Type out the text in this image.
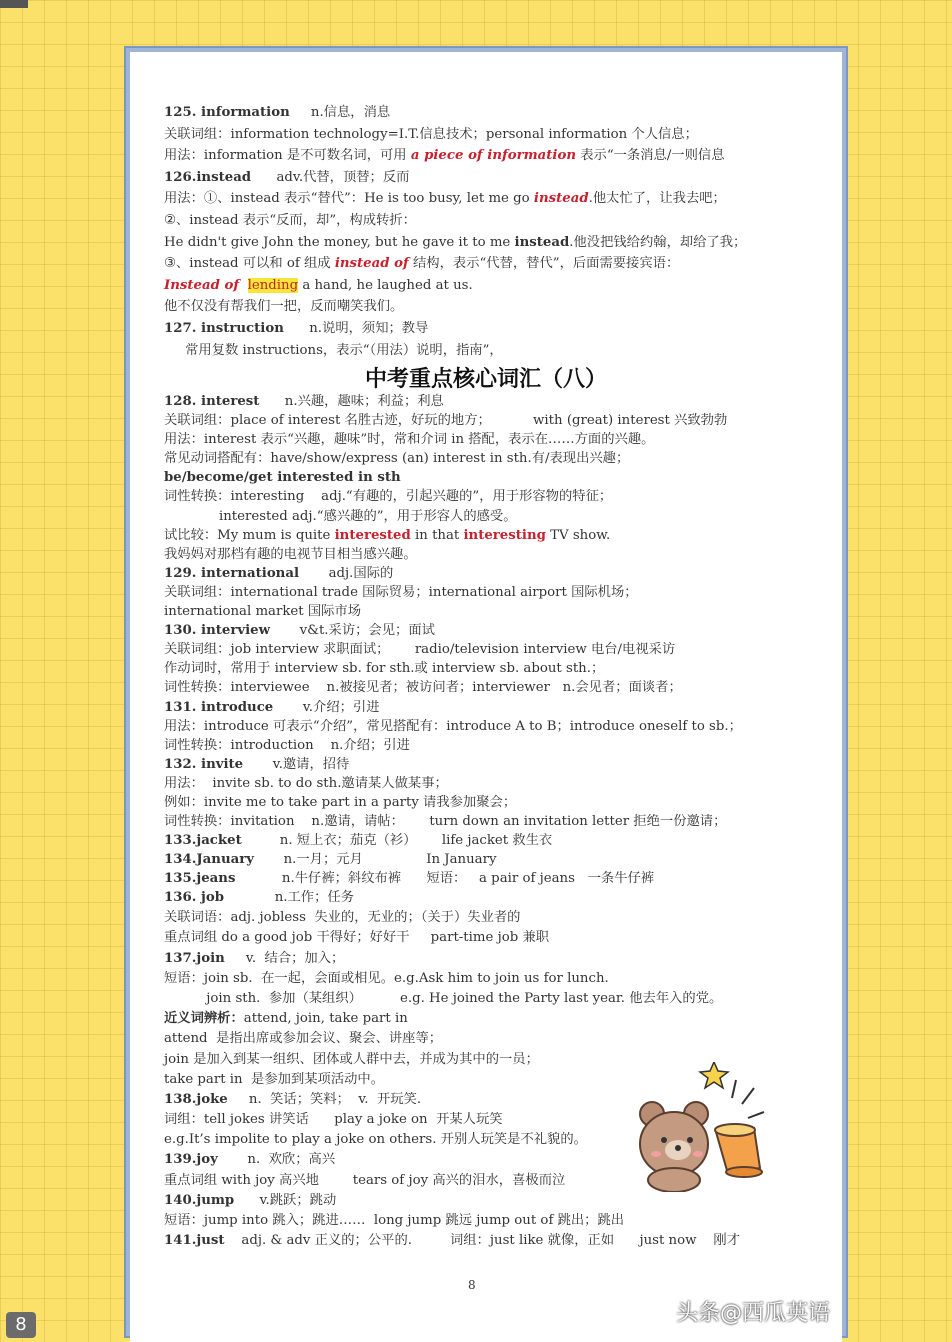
125. information     n.信息，消息
关联词组：information technology=I.T.信息技术；personal information 个人信息；
用法：information 是不可数名词，可用 a piece of information 表示“一条消息/一则信息
126.instead      adv.代替，顶替；反而
用法：①、instead 表示“替代”：He is too busy, let me go instead.他太忙了，让我去吧；
②、instead 表示“反而，却”，构成转折：
He didn't give John the money, but he gave it to me instead.他没把钱给约翰，却给了我；
③、instead 可以和 of 组成 instead of 结构，表示“代替，替代”，后面需要接宾语：
Instead of lending a hand, he laughed at us.
他不仅没有帮我们一把，反而嘲笑我们。
127. instruction      n.说明，须知；教导
常用复数 instructions，表示“（用法）说明，指南”，
中考重点核心词汇（八）
128. interest      n.兴趣，趣味；利益；利息
关联词组：place of interest 名胜古迹，好玩的地方；          with (great) interest 兴致勃勃
用法：interest 表示“兴趣，趣味”时，常和介词 in 搭配，表示在……方面的兴趣。
常见动词搭配有：have/show/express (an) interest in sth.有/表现出兴趣；
be/become/get interested in sth
词性转换：interesting    adj.“有趣的，引起兴趣的”，用于形容物的特征；
interested adj.“感兴趣的”，用于形容人的感受。
试比较：My mum is quite interested in that interesting TV show.
我妈妈对那档有趣的电视节目相当感兴趣。
129. international       adj.国际的
关联词组：international trade 国际贸易；international airport 国际机场；
international market 国际市场
130. interview       v&t.采访；会见；面试
关联词组：job interview 求职面试；      radio/television interview 电台/电视采访
作动词时，常用于 interview sb. for sth.或 interview sb. about sth.；
词性转换：interviewee    n.被接见者；被访问者；interviewer   n.会见者；面谈者；
131. introduce       v.介绍；引进
用法：introduce 可表示“介绍”，常见搭配有：introduce A to B；introduce oneself to sb.；
词性转换：introduction    n.介绍；引进
132. invite       v.邀请，招待
用法：  invite sb. to do sth.邀请某人做某事；
例如：invite me to take part in a party 请我参加聚会；
词性转换：invitation    n.邀请，请帖：      turn down an invitation letter 拒绝一份邀请；
133.jacket         n. 短上衣；茄克（衫）      life jacket 救生衣
134.January       n.一月；元月               In January
135.jeans           n.牛仔裤；斜纹布裤      短语：   a pair of jeans   一条牛仔裤
136. job            n.工作；任务
关联词语：adj. jobless  失业的，无业的；（关于）失业者的
重点词组 do a good job 干得好；好好干     part-time job 兼职
137.join     v.  结合；加入；
短语：join sb.  在一起，会面或相见。e.g.Ask him to join us for lunch.
join sth.  参加（某组织）         e.g. He joined the Party last year. 他去年入的党。
近义词辨析：attend, join, take part in
attend  是指出席或参加会议、聚会、讲座等；
join 是加入到某一组织、团体或人群中去，并成为其中的一员；
take part in  是参加到某项活动中。
138.joke     n.  笑话；笑料；  v.  开玩笑.
词组：tell jokes 讲笑话      play a joke on  开某人玩笑
e.g.It’s impolite to play a joke on others. 开别人玩笑是不礼貌的。
139.joy       n.  欢欣；高兴
重点词组 with joy 高兴地        tears of joy 高兴的泪水，喜极而泣
140.jump      v.跳跃；跳动
短语：jump into 跳入；跳进……  long jump 跳远 jump out of 跳出；跳出
141.just    adj. & adv 正义的；公平的.         词组：just like 就像，正如      just now    刚才
8
8	头条@西瓜英语
